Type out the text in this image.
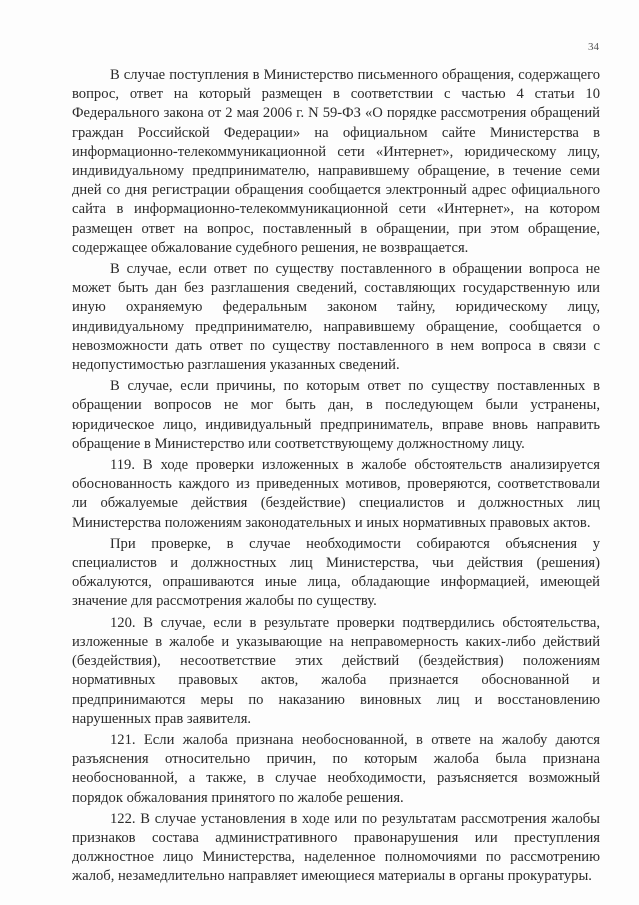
34

В случае поступления в Министерство письменного обращения, содержащего вопрос, ответ на который размещен в соответствии с частью 4 статьи 10 Федерального закона от 2 мая 2006 г. N 59-ФЗ «О порядке рассмотрения обращений граждан Российской Федерации» на официальном сайте Министерства в информационно-телекоммуникационной сети «Интернет», юридическому лицу, индивидуальному предпринимателю, направившему обращение, в течение семи дней со дня регистрации обращения сообщается электронный адрес официального сайта в информационно-телекоммуникационной сети «Интернет», на котором размещен ответ на вопрос, поставленный в обращении, при этом обращение, содержащее обжалование судебного решения, не возвращается.

В случае, если ответ по существу поставленного в обращении вопроса не может быть дан без разглашения сведений, составляющих государственную или иную охраняемую федеральным законом тайну, юридическому лицу, индивидуальному предпринимателю, направившему обращение, сообщается о невозможности дать ответ по существу поставленного в нем вопроса в связи с недопустимостью разглашения указанных сведений.

В случае, если причины, по которым ответ по существу поставленных в обращении вопросов не мог быть дан, в последующем были устранены, юридическое лицо, индивидуальный предприниматель, вправе вновь направить обращение в Министерство или соответствующему должностному лицу.

119. В ходе проверки изложенных в жалобе обстоятельств анализируется обоснованность каждого из приведенных мотивов, проверяются, соответствовали ли обжалуемые действия (бездействие) специалистов и должностных лиц Министерства положениям законодательных и иных нормативных правовых актов.

При проверке, в случае необходимости собираются объяснения у специалистов и должностных лиц Министерства, чьи действия (решения) обжалуются, опрашиваются иные лица, обладающие информацией, имеющей значение для рассмотрения жалобы по существу.

120. В случае, если в результате проверки подтвердились обстоятельства, изложенные в жалобе и указывающие на неправомерность каких-либо действий (бездействия), несоответствие этих действий (бездействия) положениям нормативных правовых актов, жалоба признается обоснованной и предпринимаются меры по наказанию виновных лиц и восстановлению нарушенных прав заявителя.

121. Если жалоба признана необоснованной, в ответе на жалобу даются разъяснения относительно причин, по которым жалоба была признана необоснованной, а также, в случае необходимости, разъясняется возможный порядок обжалования принятого по жалобе решения.

122. В случае установления в ходе или по результатам рассмотрения жалобы признаков состава административного правонарушения или преступления должностное лицо Министерства, наделенное полномочиями по рассмотрению жалоб, незамедлительно направляет имеющиеся материалы в органы прокуратуры.
